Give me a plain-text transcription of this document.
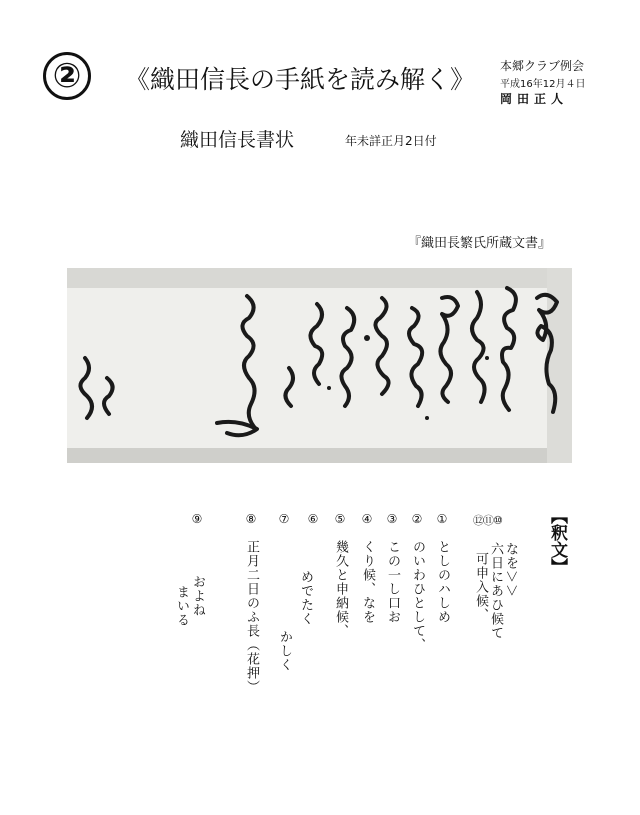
②	《織田信長の手紙を読み解く》 本郷クラブ例会
平成16年12月４日
岡田正人
織田信長書状	年未詳正月2日付
『織田長繁氏所蔵文書』
【釈文】
⑫⑪⑩
なを＞＞
六日にあひ候て
可申入候、
①
としのハしめ
②
のいわひとして、
③
この一し口お
④
くり候、なを
⑤
幾久と申納候、
⑥
めでたく
⑦
かしく
⑧
正月二日のふ長（花押）
⑨
およね
まいる
